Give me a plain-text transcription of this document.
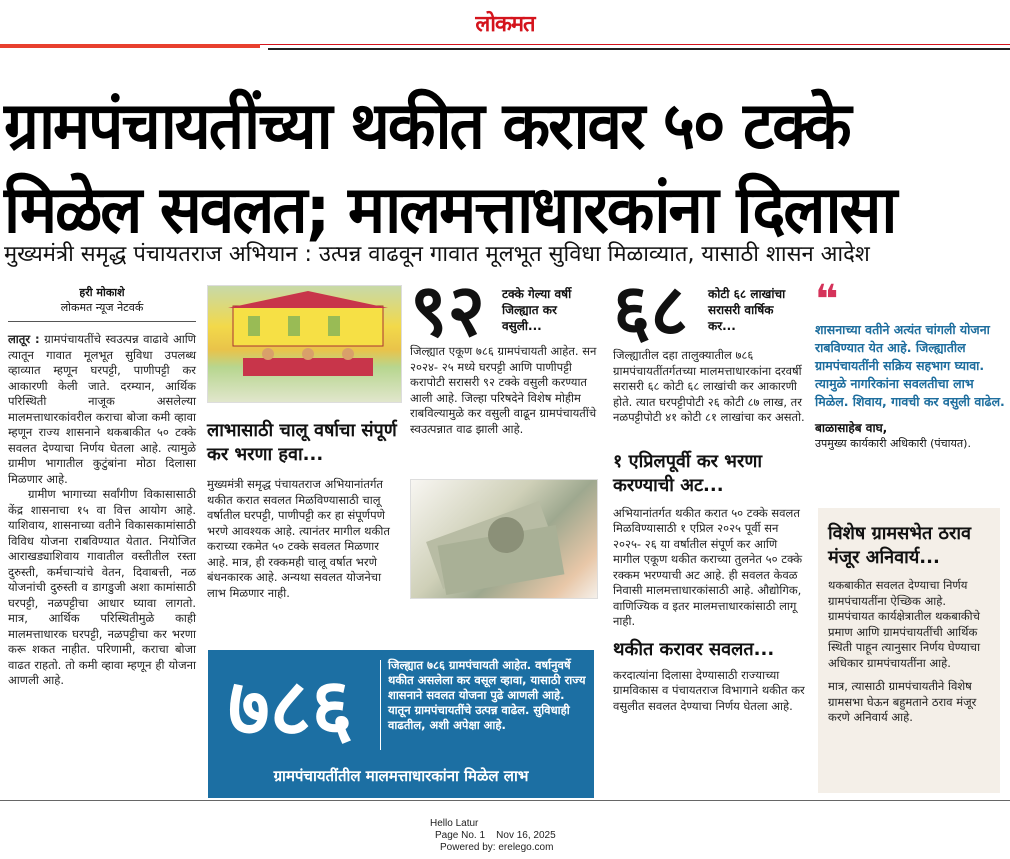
लोकमत
ग्रामपंचायतींच्या थकीत करावर ५० टक्के
मिळेल सवलत; मालमत्ताधारकांना दिलासा
मुख्यमंत्री समृद्ध पंचायतराज अभियान : उत्पन्न वाढवून गावात मूलभूत सुविधा मिळाव्यात, यासाठी शासन आदेश
हरी मोकाशे
लोकमत न्यूज नेटवर्क

लातूर : ग्रामपंचायतींचे स्वउत्पन्न वाढावे आणि त्यातून गावात मूलभूत सुविधा उपलब्ध व्हाव्यात म्हणून घरपट्टी, पाणीपट्टी कर आकारणी केली जाते. दरम्यान, आर्थिक परिस्थिती नाजूक असलेल्या मालमत्ताधारकांवरील कराचा बोजा कमी व्हावा म्हणून राज्य शासनाने थकबाकीत ५० टक्के सवलत देण्याचा निर्णय घेतला आहे. त्यामुळे ग्रामीण भागातील कुटुंबांना मोठा दिलासा मिळणार आहे.

ग्रामीण भागाच्या सर्वांगीण विकासासाठी केंद्र शासनाचा १५ वा वित्त आयोग आहे. याशिवाय, शासनाच्या वतीने विकासकामांसाठी विविध योजना राबविण्यात येतात. नियोजित आराखड्याशिवाय गावातील वस्तीतील रस्ता दुरुस्ती, कर्मचाऱ्यांचे वेतन, दिवाबत्ती, नळ योजनांची दुरुस्ती व डागडुजी अशा कामांसाठी घरपट्टी, नळपट्टीचा आधार घ्यावा लागतो. मात्र, आर्थिक परिस्थितीमुळे काही मालमत्ताधारक घरपट्टी, नळपट्टीचा कर भरणा करू शकत नाहीत. परिणामी, कराचा बोजा वाढत राहतो. तो कमी व्हावा म्हणून ही योजना आणली आहे.

लाभासाठी चालू वर्षाचा संपूर्ण कर भरणा हवा...

मुख्यमंत्री समृद्ध पंचायतराज अभियानांतर्गत थकीत करात सवलत मिळविण्यासाठी चालू वर्षातील घरपट्टी, पाणीपट्टी कर हा संपूर्णपणे भरणे आवश्यक आहे. त्यानंतर मागील थकीत कराच्या रकमेत ५० टक्के सवलत मिळणार आहे. मात्र, ही रक्कमही चालू वर्षात भरणे बंधनकारक आहे. अन्यथा सवलत योजनेचा लाभ मिळणार नाही.

९२	टक्के गेल्या वर्षी जिल्ह्यात कर वसुली...

जिल्ह्यात एकूण ७८६ ग्रामपंचायती आहेत. सन २०२४- २५ मध्ये घरपट्टी आणि पाणीपट्टी करापोटी सरासरी ९२ टक्के वसुली करण्यात आली आहे. जिल्हा परिषदेने विशेष मोहीम राबविल्यामुळे कर वसुली वाढून ग्रामपंचायतींचे स्वउत्पन्नात वाढ झाली आहे.

६८	कोटी ६८ लाखांचा सरासरी वार्षिक कर...

जिल्ह्यातील दहा तालुक्यातील ७८६ ग्रामपंचायतींतर्गतच्या मालमत्ताधारकांना दरवर्षी सरासरी ६८ कोटी ६८ लाखांची कर आकारणी होते. त्यात घरपट्टीपोटी २६ कोटी ८७ लाख, तर नळपट्टीपोटी ४१ कोटी ८१ लाखांचा कर असतो.

१ एप्रिलपूर्वी कर भरणा करण्याची अट...

अभियानांतर्गत थकीत करात ५० टक्के सवलत मिळविण्यासाठी १ एप्रिल २०२५ पूर्वी सन २०२५- २६ या वर्षातील संपूर्ण कर आणि मागील एकूण थकीत कराच्या तुलनेत ५० टक्के रक्कम भरण्याची अट आहे. ही सवलत केवळ निवासी मालमत्ताधारकांसाठी आहे. औद्योगिक, वाणिज्यिक व इतर मालमत्ताधारकांसाठी लागू नाही.

थकीत करावर सवलत...

करदात्यांना दिलासा देण्यासाठी राज्याच्या ग्रामविकास व पंचायतराज विभागाने थकीत कर वसुलीत सवलत देण्याचा निर्णय घेतला आहे.

❝

शासनाच्या वतीने अत्यंत चांगली योजना राबविण्यात येत आहे. जिल्ह्यातील ग्रामपंचायतींनी सक्रिय सहभाग घ्यावा. त्यामुळे नागरिकांना सवलतीचा लाभ मिळेल. शिवाय, गावची कर वसुली वाढेल.

बाळासाहेब वाघ,
उपमुख्य कार्यकारी अधिकारी (पंचायत).
विशेष ग्रामसभेत ठराव मंजूर अनिवार्य...

थकबाकीत सवलत देण्याचा निर्णय ग्रामपंचायतींना ऐच्छिक आहे. ग्रामपंचायत कार्यक्षेत्रातील थकबाकीचे प्रमाण आणि ग्रामपंचायतींची आर्थिक स्थिती पाहून त्यानुसार निर्णय घेण्याचा अधिकार ग्रामपंचायतींना आहे.

मात्र, त्यासाठी ग्रामपंचायतीने विशेष ग्रामसभा घेऊन बहुमताने ठराव मंजूर करणे अनिवार्य आहे.

७८६	जिल्ह्यात ७८६ ग्रामपंचायती आहेत. वर्षानुवर्षे थकीत असलेला कर वसूल व्हावा, यासाठी राज्य शासनाने सवलत योजना पुढे आणली आहे. यातून ग्रामपंचायतींचे उत्पन्न वाढेल. सुविधाही वाढतील, अशी अपेक्षा आहे.

ग्रामपंचायतींतील मालमत्ताधारकांना मिळेल लाभ
Hello Latur
Page No. 1 Nov 16, 2025
Powered by: erelego.com
